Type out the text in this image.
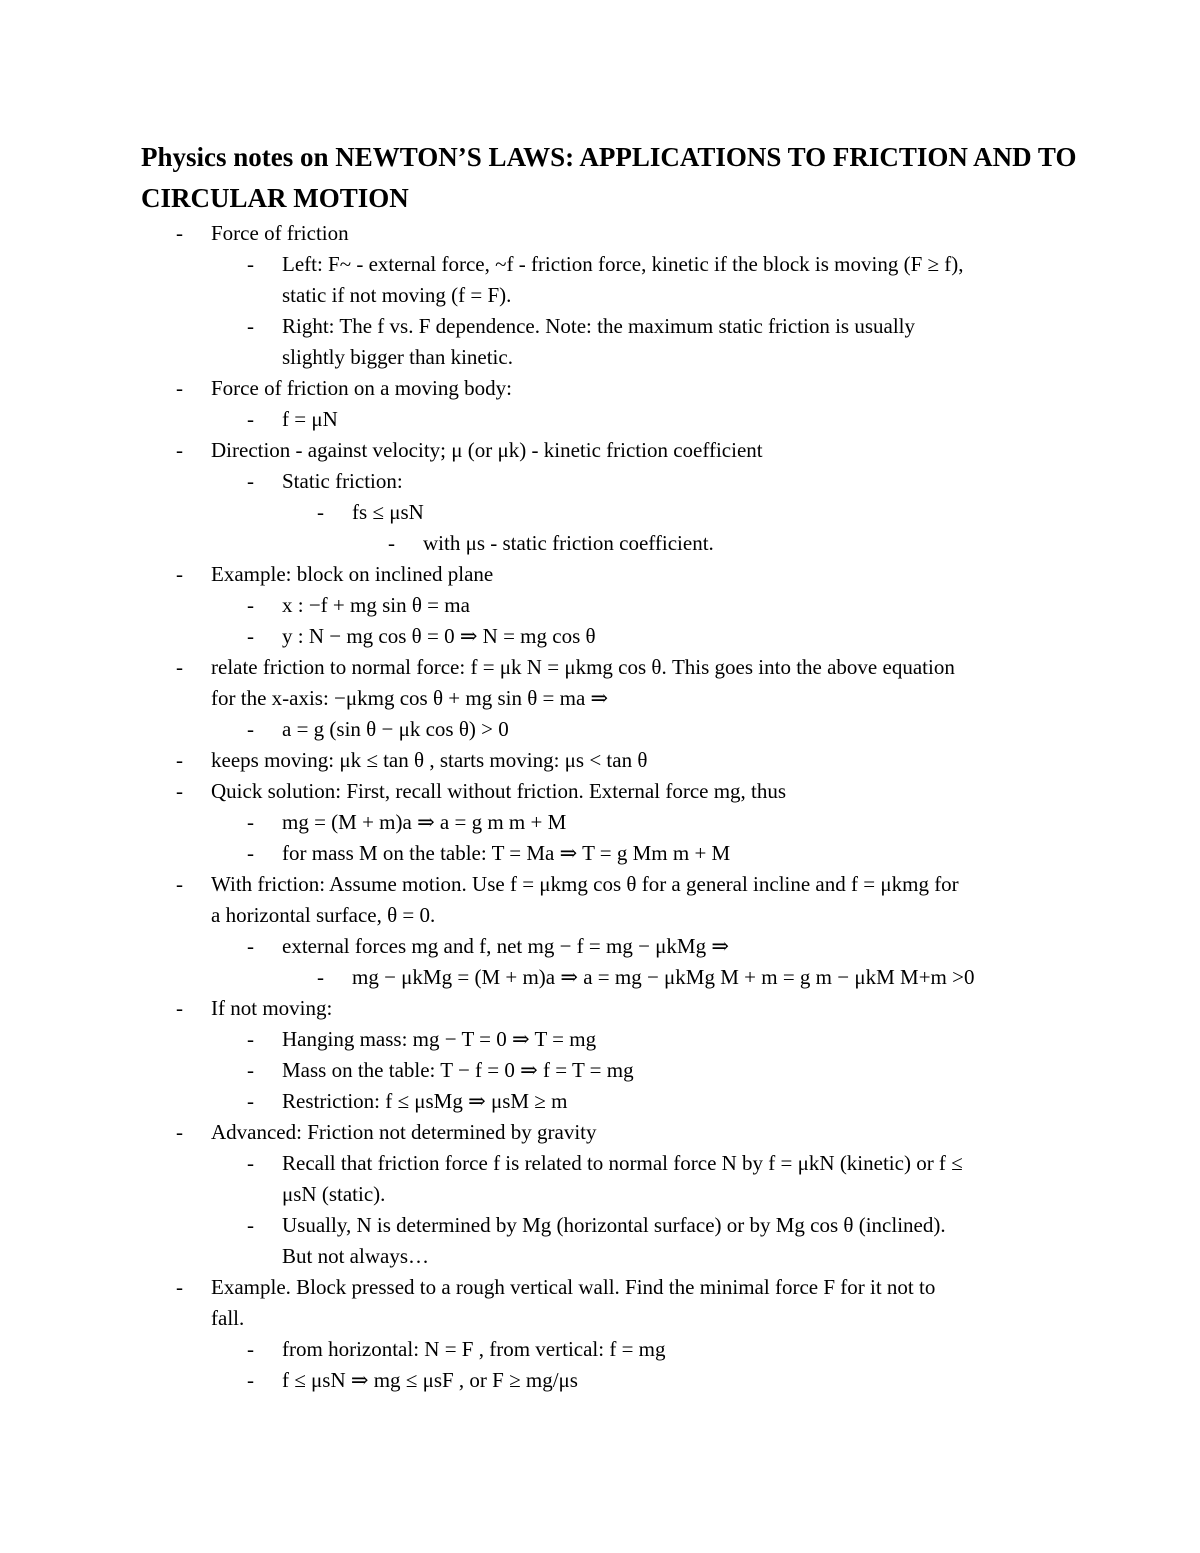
Physics notes on NEWTON’S LAWS: APPLICATIONS TO FRICTION AND TO CIRCULAR MOTION
- Force of friction
- Left: F~ - external force, ~f - friction force, kinetic if the block is moving (F ≥ f),
static if not moving (f = F).
- Right: The f vs. F dependence. Note: the maximum static friction is usually
slightly bigger than kinetic.
- Force of friction on a moving body:
- f = μN
- Direction - against velocity; μ (or μk) - kinetic friction coefficient
- Static friction:
- fs ≤ μsN
- with μs - static friction coefficient.
- Example: block on inclined plane
- x : −f + mg sin θ = ma
- y : N − mg cos θ = 0 ⇒ N = mg cos θ
- relate friction to normal force: f = μk N = μkmg cos θ. This goes into the above equation
for the x-axis: −μkmg cos θ + mg sin θ = ma ⇒
- a = g (sin θ − μk cos θ) > 0
- keeps moving: μk ≤ tan θ , starts moving: μs < tan θ
- Quick solution: First, recall without friction. External force mg, thus
- mg = (M + m)a ⇒ a = g m m + M
- for mass M on the table: T = Ma ⇒ T = g Mm m + M
- With friction: Assume motion. Use f = μkmg cos θ for a general incline and f = μkmg for
a horizontal surface, θ = 0.
- external forces mg and f, net mg − f = mg − μkMg ⇒
- mg − μkMg = (M + m)a ⇒ a = mg − μkMg M + m = g m − μkM M+m >0
- If not moving:
- Hanging mass: mg − T = 0 ⇒ T = mg
- Mass on the table: T − f = 0 ⇒ f = T = mg
- Restriction: f ≤ μsMg ⇒ μsM ≥ m
- Advanced: Friction not determined by gravity
- Recall that friction force f is related to normal force N by f = μkN (kinetic) or f ≤
μsN (static).
- Usually, N is determined by Mg (horizontal surface) or by Mg cos θ (inclined).
But not always…
- Example. Block pressed to a rough vertical wall. Find the minimal force F for it not to
fall.
- from horizontal: N = F , from vertical: f = mg
- f ≤ μsN ⇒ mg ≤ μsF , or F ≥ mg/μs
